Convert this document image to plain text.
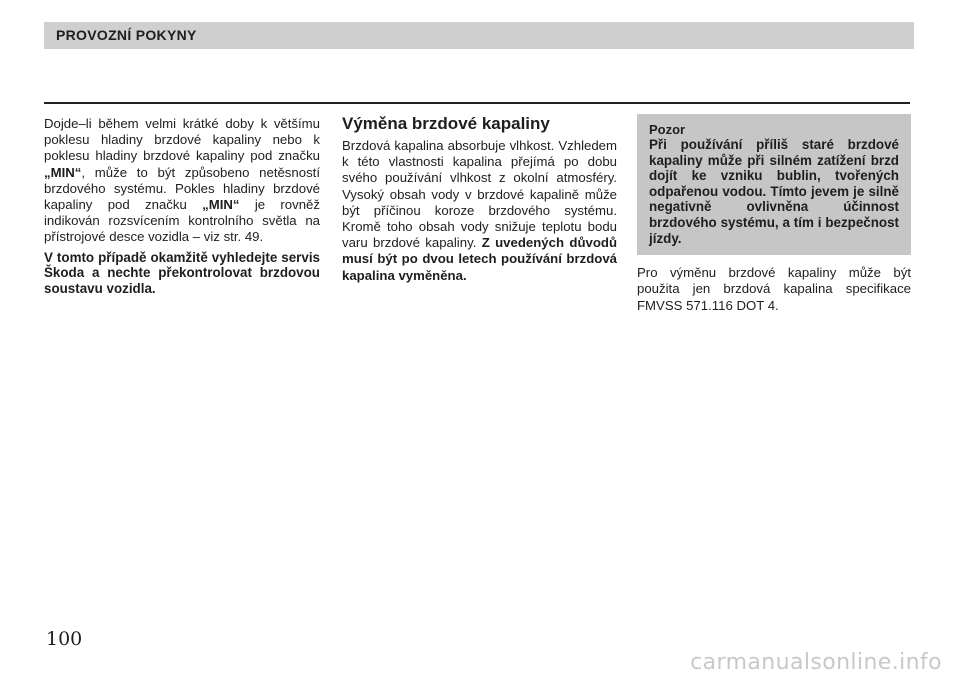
PROVOZNÍ POKYNY

Dojde–li během velmi krátké doby k většímu poklesu hladiny brzdové kapaliny nebo k poklesu hladiny brzdové kapaliny pod značku „MIN“, může to být způsobeno netěsností brzdového systému. Pokles hladiny brzdové kapaliny pod značku „MIN“ je rovněž indikován rozsvícením kontrolního světla na přístrojové desce vozidla – viz str. 49.

V tomto případě okamžitě vyhledejte servis Škoda a nechte překontrolovat brzdovou soustavu vozidla.

Výměna brzdové kapaliny

Brzdová kapalina absorbuje vlhkost. Vzhledem k této vlastnosti kapalina přejímá po dobu svého používání vlhkost z okolní atmosféry. Vysoký obsah vody v brzdové kapalině může být příčinou koroze brzdového systému. Kromě toho obsah vody snižuje teplotu bodu varu brzdové kapaliny. Z uvedených důvodů musí být po dvou letech používání brzdová kapalina vyměněna.

Pozor
Při používání příliš staré brzdové kapaliny může při silném zatížení brzd dojít ke vzniku bublin, tvořených odpařenou vodou. Tímto jevem je silně negativně ovlivněna účinnost brzdového systému, a tím i bezpečnost jízdy.

Pro výměnu brzdové kapaliny může být použita jen brzdová kapalina specifikace FMVSS 571.116 DOT 4.

100
carmanualsonline.info
